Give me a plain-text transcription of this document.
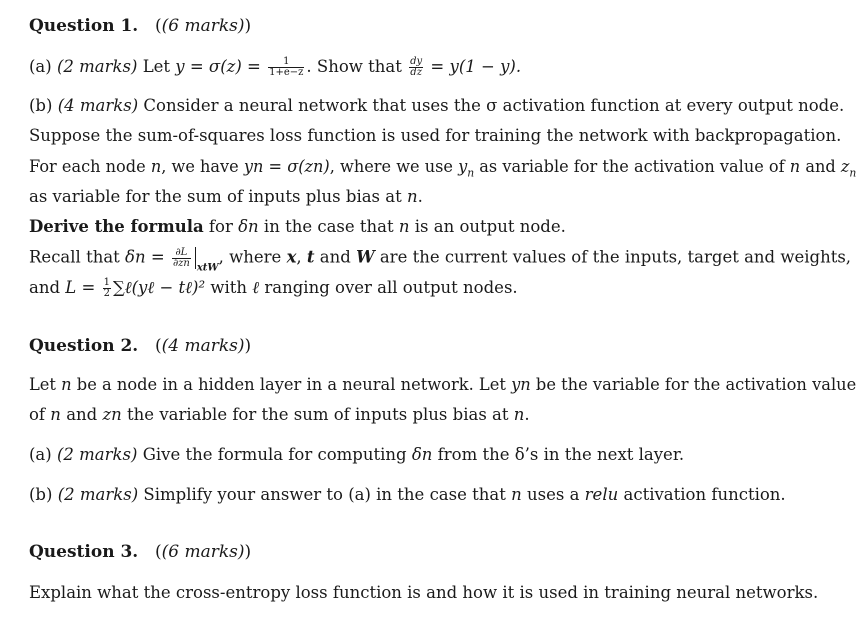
Question 1.   ((6 marks))
(a) (2 marks) Let $y = \sigma(z) = \frac{1}{1+e-z}$ . Show that $\frac{dy}{dz} = y(1 - y)$.
(b) (4 marks) Consider a neural network that uses the σ activation function at every output node.
Suppose the sum-of-squares loss function is used for training the network with backpropagation.
For each node n, we have yn = σ(zn), where we use $y_n$ as variable for the activation value of n and $z_n$
as variable for the sum of inputs plus bias at n.
Derive the formula for δn in the case that n is an output node.
Recall that $\delta n = \frac{\partial L}{\partial zn} _{xtW}$, where x, t and W are the current values of the inputs, target and weights,
and $L = \frac{1}{2}$ ∑ℓ(yℓ − tℓ)² with ℓ ranging over all output nodes.
Question 2.   ((4 marks))
Let n be a node in a hidden layer in a neural network. Let yn be the variable for the activation value
of n and zn the variable for the sum of inputs plus bias at n.
(a) (2 marks) Give the formula for computing δn from the δ’s in the next layer.
(b) (2 marks) Simplify your answer to (a) in the case that n uses a relu activation function.
Question 3.   ((6 marks))
Explain what the cross-entropy loss function is and how it is used in training neural networks.
